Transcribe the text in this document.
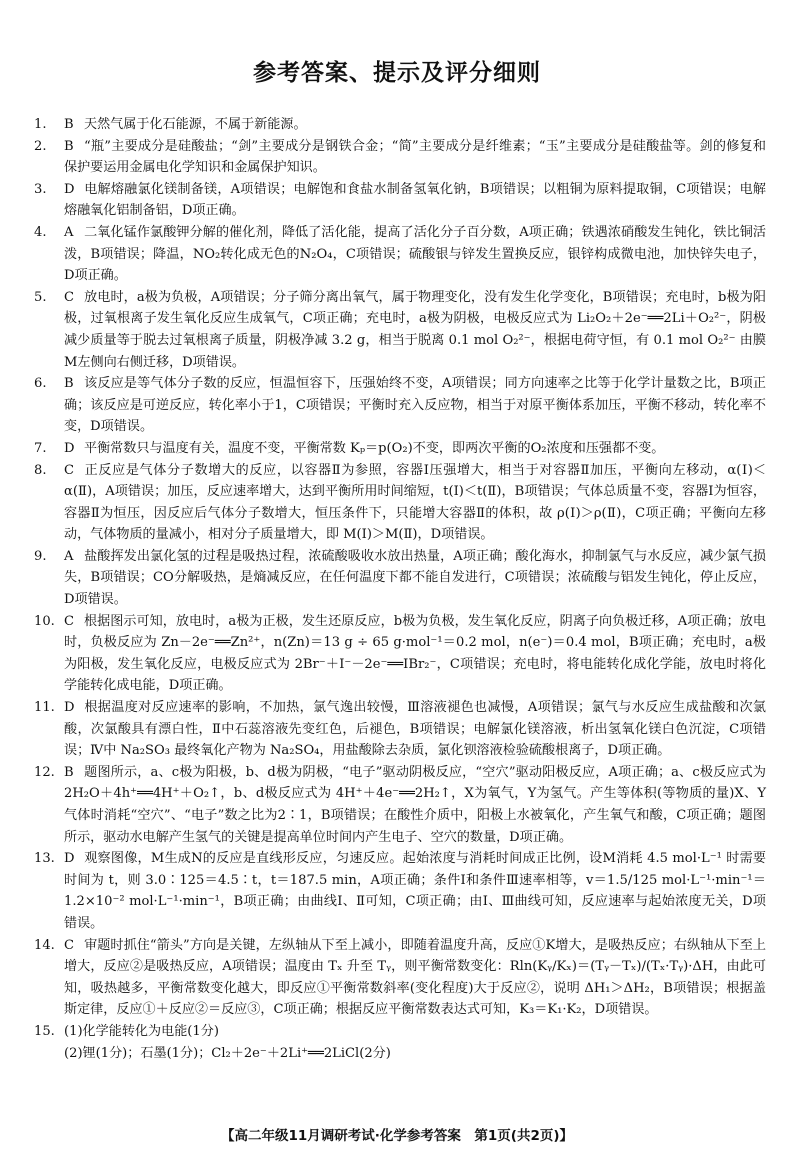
参考答案、提示及评分细则
1.	B 天然气属于化石能源，不属于新能源。
2.	B “瓶”主要成分是硅酸盐；“剑”主要成分是钢铁合金；“简”主要成分是纤维素；“玉”主要成分是硅酸盐等。剑的修复和保护要运用金属电化学知识和金属保护知识。
3.	D 电解熔融氯化镁制备镁，A项错误；电解饱和食盐水制备氢氧化钠，B项错误；以粗铜为原料提取铜，C项错误；电解熔融氧化铝制备铝，D项正确。
4.	A 二氧化锰作氯酸钾分解的催化剂，降低了活化能，提高了活化分子百分数，A项正确；铁遇浓硝酸发生钝化，铁比铜活泼，B项错误；降温，NO₂转化成无色的N₂O₄，C项错误；硫酸银与锌发生置换反应，银锌构成微电池，加快锌失电子，D项正确。
5.	C 放电时，a极为负极，A项错误；分子筛分离出氧气，属于物理变化，没有发生化学变化，B项错误；充电时，b极为阳极，过氧根离子发生氧化反应生成氧气，C项正确；充电时，a极为阴极，电极反应式为 Li₂O₂＋2e⁻══2Li＋O₂²⁻，阴极减少质量等于脱去过氧根离子质量，阴极净减 3.2 g，相当于脱离 0.1 mol O₂²⁻，根据电荷守恒，有 0.1 mol O₂²⁻ 由膜M左侧向右侧迁移，D项错误。
6.	B 该反应是等气体分子数的反应，恒温恒容下，压强始终不变，A项错误；同方向速率之比等于化学计量数之比，B项正确；该反应是可逆反应，转化率小于1，C项错误；平衡时充入反应物，相当于对原平衡体系加压，平衡不移动，转化率不变，D项错误。
7.	D 平衡常数只与温度有关，温度不变，平衡常数 Kₚ＝p(O₂)不变，即两次平衡的O₂浓度和压强都不变。
8.	C 正反应是气体分子数增大的反应，以容器Ⅱ为参照，容器Ⅰ压强增大，相当于对容器Ⅱ加压，平衡向左移动，α(Ⅰ)＜α(Ⅱ)，A项错误；加压，反应速率增大，达到平衡所用时间缩短，t(Ⅰ)＜t(Ⅱ)，B项错误；气体总质量不变，容器Ⅰ为恒容，容器Ⅱ为恒压，因反应后气体分子数增大，恒压条件下，只能增大容器Ⅱ的体积，故 ρ(Ⅰ)＞ρ(Ⅱ)，C项正确；平衡向左移动，气体物质的量减小，相对分子质量增大，即 M(Ⅰ)＞M(Ⅱ)，D项错误。
9.	A 盐酸挥发出氯化氢的过程是吸热过程，浓硫酸吸收水放出热量，A项正确；酸化海水，抑制氯气与水反应，减少氯气损失，B项错误；CO分解吸热，是熵减反应，在任何温度下都不能自发进行，C项错误；浓硫酸与铝发生钝化，停止反应，D项错误。
10. C 根据图示可知，放电时，a极为正极，发生还原反应，b极为负极，发生氧化反应，阴离子向负极迁移，A项正确；放电时，负极反应为 Zn－2e⁻══Zn²⁺，n(Zn)＝13 g ÷ 65 g·mol⁻¹＝0.2 mol，n(e⁻)＝0.4 mol，B项正确；充电时，a极为阳极，发生氧化反应，电极反应式为 2Br⁻＋I⁻－2e⁻══IBr₂⁻，C项错误；充电时，将电能转化成化学能，放电时将化学能转化成电能，D项正确。
11. D 根据温度对反应速率的影响，不加热，氯气逸出较慢，Ⅲ溶液褪色也减慢，A项错误；氯气与水反应生成盐酸和次氯酸，次氯酸具有漂白性，Ⅱ中石蕊溶液先变红色，后褪色，B项错误；电解氯化镁溶液，析出氢氧化镁白色沉淀，C项错误；Ⅳ中 Na₂SO₃ 最终氧化产物为 Na₂SO₄，用盐酸除去杂质，氯化钡溶液检验硫酸根离子，D项正确。
12. B 题图所示，a、c极为阳极，b、d极为阴极，“电子”驱动阴极反应，“空穴”驱动阳极反应，A项正确；a、c极反应式为 2H₂O＋4h⁺══4H⁺＋O₂↑，b、d极反应式为 4H⁺＋4e⁻══2H₂↑，X为氧气，Y为氢气。产生等体积(等物质的量)X、Y气体时消耗“空穴”、“电子”数之比为2∶1，B项错误；在酸性介质中，阳极上水被氧化，产生氧气和酸，C项正确；题图所示，驱动水电解产生氢气的关键是提高单位时间内产生电子、空穴的数量，D项正确。
13. D 观察图像，M生成N的反应是直线形反应，匀速反应。起始浓度与消耗时间成正比例，设M消耗 4.5 mol·L⁻¹ 时需要时间为 t，则 3.0∶125＝4.5∶t，t＝187.5 min，A项正确；条件Ⅰ和条件Ⅲ速率相等，v＝1.5/125 mol·L⁻¹·min⁻¹＝1.2×10⁻² mol·L⁻¹·min⁻¹，B项正确；由曲线Ⅰ、Ⅱ可知，C项正确；由Ⅰ、Ⅲ曲线可知，反应速率与起始浓度无关，D项错误。
14. C 审题时抓住“箭头”方向是关键，左纵轴从下至上减小，即随着温度升高，反应①K增大，是吸热反应；右纵轴从下至上增大，反应②是吸热反应，A项错误；温度由 Tₓ 升至 Tᵧ，则平衡常数变化：Rln(Kᵧ/Kₓ)＝(Tᵧ－Tₓ)/(Tₓ·Tᵧ)·ΔH，由此可知，吸热越多，平衡常数变化越大，即反应①平衡常数斜率(变化程度)大于反应②，说明 ΔH₁＞ΔH₂，B项错误；根据盖斯定律，反应①＋反应②＝反应③，C项正确；根据反应平衡常数表达式可知，K₃＝K₁·K₂，D项错误。
15. (1)化学能转化为电能(1分)
(2)锂(1分)；石墨(1分)；Cl₂＋2e⁻＋2Li⁺══2LiCl(2分)
【高二年级11月调研考试·化学参考答案　第1页(共2页)】
